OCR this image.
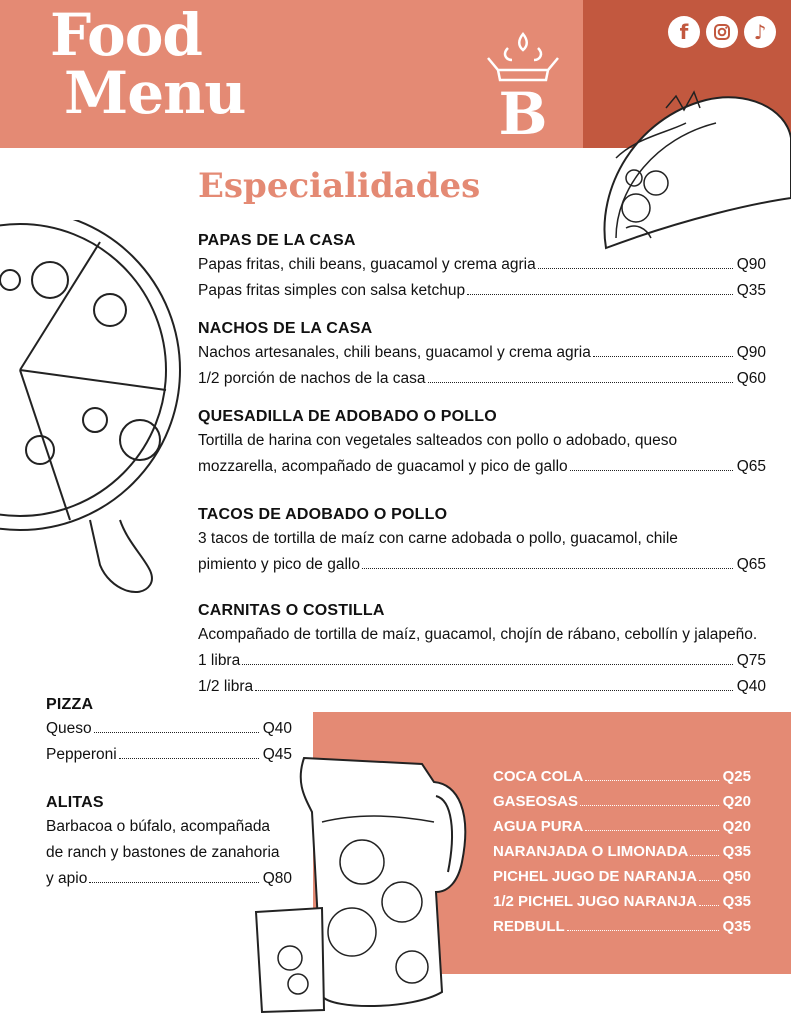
Food
Menu	B
f	♪
Especialidades
PAPAS DE LA CASA
Papas fritas, chili beans, guacamol y crema agria	Q90
Papas fritas simples con salsa ketchup	Q35
NACHOS DE LA CASA
Nachos artesanales, chili beans, guacamol y crema agria	Q90
1/2 porción de nachos de la casa	Q60
QUESADILLA DE ADOBADO O POLLO
Tortilla de harina con vegetales salteados con pollo o adobado, queso
mozzarella, acompañado de guacamol y pico de gallo	Q65
TACOS DE ADOBADO O POLLO
3 tacos de tortilla de maíz con carne adobada o pollo, guacamol, chile
pimiento y pico de gallo	Q65
CARNITAS O COSTILLA
Acompañado de tortilla de maíz, guacamol, chojín de rábano, cebollín y jalapeño.
1 libra	Q75
1/2 libra	Q40
PIZZA
Queso	Q40
Pepperoni	Q45
ALITAS
Barbacoa o búfalo, acompañada
de ranch y bastones de zanahoria
y apio	Q80
COCA COLA	Q25
GASEOSAS	Q20
AGUA PURA	Q20
NARANJADA O LIMONADA Q35
PICHEL JUGO DE NARANJA Q50
1/2 PICHEL JUGO NARANJA Q35
REDBULL	Q35
